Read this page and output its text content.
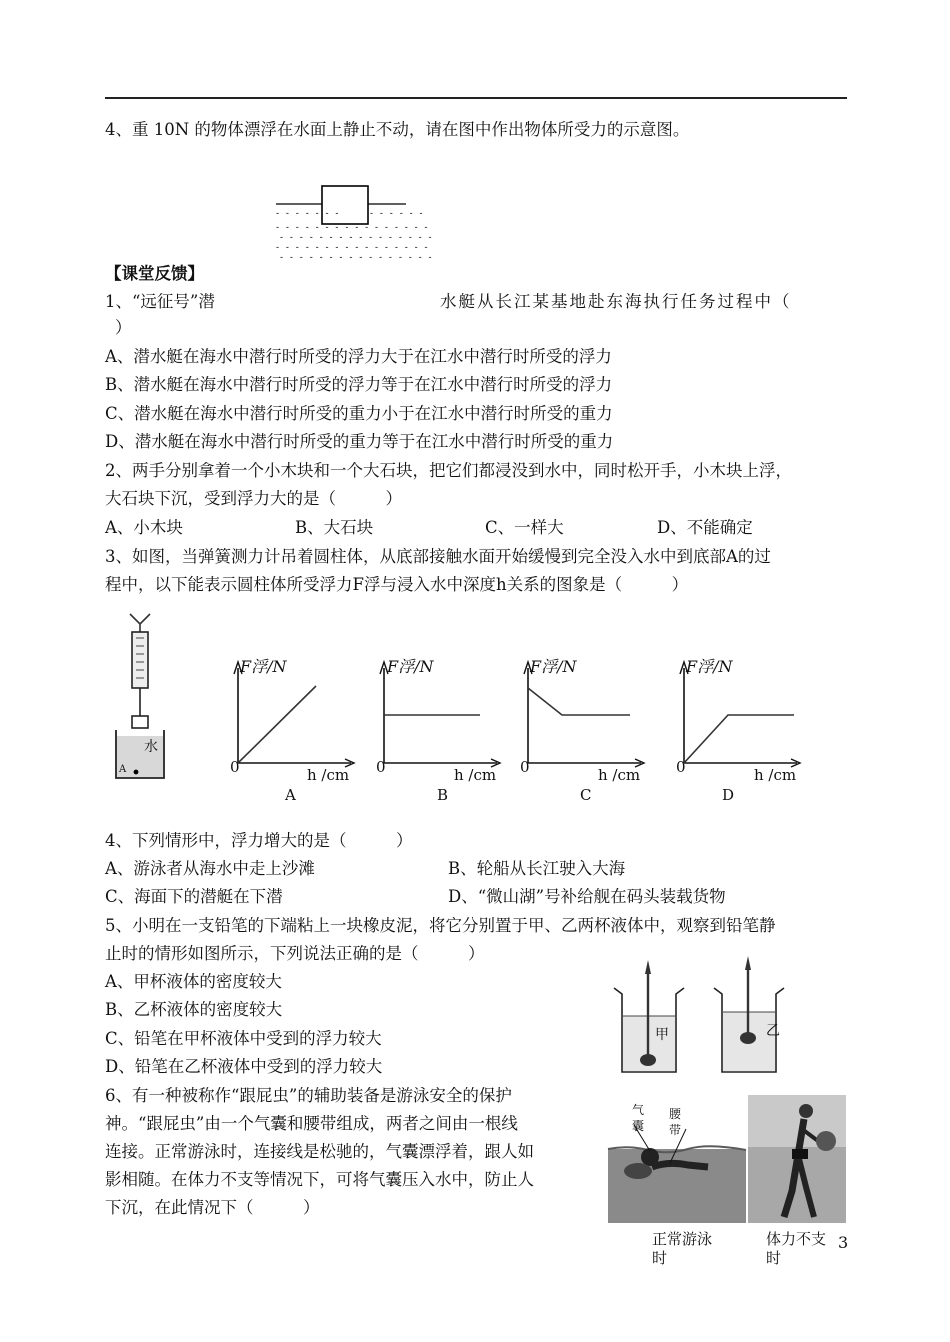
4、重 10N 的物体漂浮在水面上静止不动，请在图中作出物体所受力的示意图。
- - - - - - -	- - - - - -
- - - - - - - - - - - - - - - -
- - - - - - - - - - - - - - - -
- - - - - - - - - - - - - - - -
- - - - - - - - - - - - - - - -
【课堂反馈】
1、“远征号”潜	水艇从长江某基地赴东海执行任务过程中（
）
A、潜水艇在海水中潜行时所受的浮力大于在江水中潜行时所受的浮力
B、潜水艇在海水中潜行时所受的浮力等于在江水中潜行时所受的浮力
C、潜水艇在海水中潜行时所受的重力小于在江水中潜行时所受的重力
D、潜水艇在海水中潜行时所受的重力等于在江水中潜行时所受的重力
2、两手分别拿着一个小木块和一个大石块，把它们都浸没到水中，同时松开手，小木块上浮，
大石块下沉，受到浮力大的是（　　　）
A、小木块	B、大石块	C、一样大	D、不能确定
3、如图，当弹簧测力计吊着圆柱体，从底部接触水面开始缓慢到完全没入水中到底部A的过
程中，以下能表示圆柱体所受浮力F浮与浸入水中深度h关系的图象是（　　　）
水
A
F浮/N
0	h /cm
A
F浮/N
0	h /cm
B
F浮/N
0	h /cm
C
F浮/N
0	h /cm
D
4、下列情形中，浮力增大的是（　　　）
A、游泳者从海水中走上沙滩	B、轮船从长江驶入大海
C、海面下的潜艇在下潜	D、“微山湖”号补给舰在码头装载货物
5、小明在一支铅笔的下端粘上一块橡皮泥，将它分别置于甲、乙两杯液体中，观察到铅笔静
止时的情形如图所示，下列说法正确的是（　　　）
A、甲杯液体的密度较大
B、乙杯液体的密度较大
C、铅笔在甲杯液体中受到的浮力较大
D、铅笔在乙杯液体中受到的浮力较大
甲	乙
6、有一种被称作“跟屁虫”的辅助装备是游泳安全的保护
神。“跟屁虫”由一个气囊和腰带组成，两者之间由一根线
连接。正常游泳时，连接线是松驰的，气囊漂浮着，跟人如
影相随。在体力不支等情况下，可将气囊压入水中，防止人
下沉，在此情况下（　　　）
气
囊
腰
带
正常游泳
时
体力不支
时
3
